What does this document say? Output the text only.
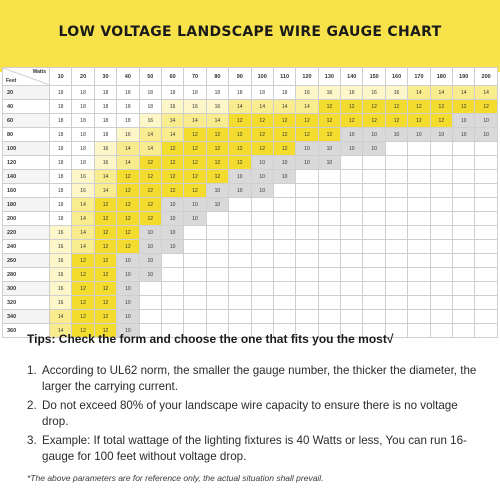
LOW VOLTAGE LANDSCAPE WIRE GAUGE CHART
Watts
Feet	10	20	30	40	50	60	70	80	90	100	110	120	130	140	150	160	170	180	190	200
20	18	18	18	18	18	18	18	18	18	18	18	16	16	16	16	16	14	14	14	14
40	18	18	18	18	18	16	16	16	14	14	14	14	12	12	12	12	12	12	12	12
60	18	18	18	18	16	14	14	14	12	12	12	12	12	12	12	12	12	12	10	10
80	18	18	18	16	14	14	12	12	12	12	12	12	12	10	10	10	10	10	10	10
100	18	18	16	14	14	12	12	12	12	12	12	10	10	10	10					
120	18	18	16	14	12	12	12	12	12	10	10	10	10							
140	18	16	14	12	12	12	12	12	10	10	10									
160	18	16	14	12	12	12	12	10	10	10										
180	18	14	12	12	12	10	10	10												
200	18	14	12	12	12	10	10													
220	16	14	12	12	10	10														
240	16	14	12	12	10	10														
260	16	12	12	10	10															
280	16	12	12	10	10															
300	16	12	12	10																
320	16	12	12	10																
340	14	12	12	10																
360	14	12	12	10																
Tips: Check the form and choose the one that fits you the most√
1. According to UL62 norm, the smaller the gauge number, the thicker the diameter, the larger the carrying current.
2. Do not exceed 80% of your landscape wire capacity to ensure there is no voltage drop.
3. Example: If total wattage of the lighting fixtures is 40 Watts or less, You can run 16-gauge for 100 feet without voltage drop.
*The above parameters are for reference only, the actual situation shall prevail.
